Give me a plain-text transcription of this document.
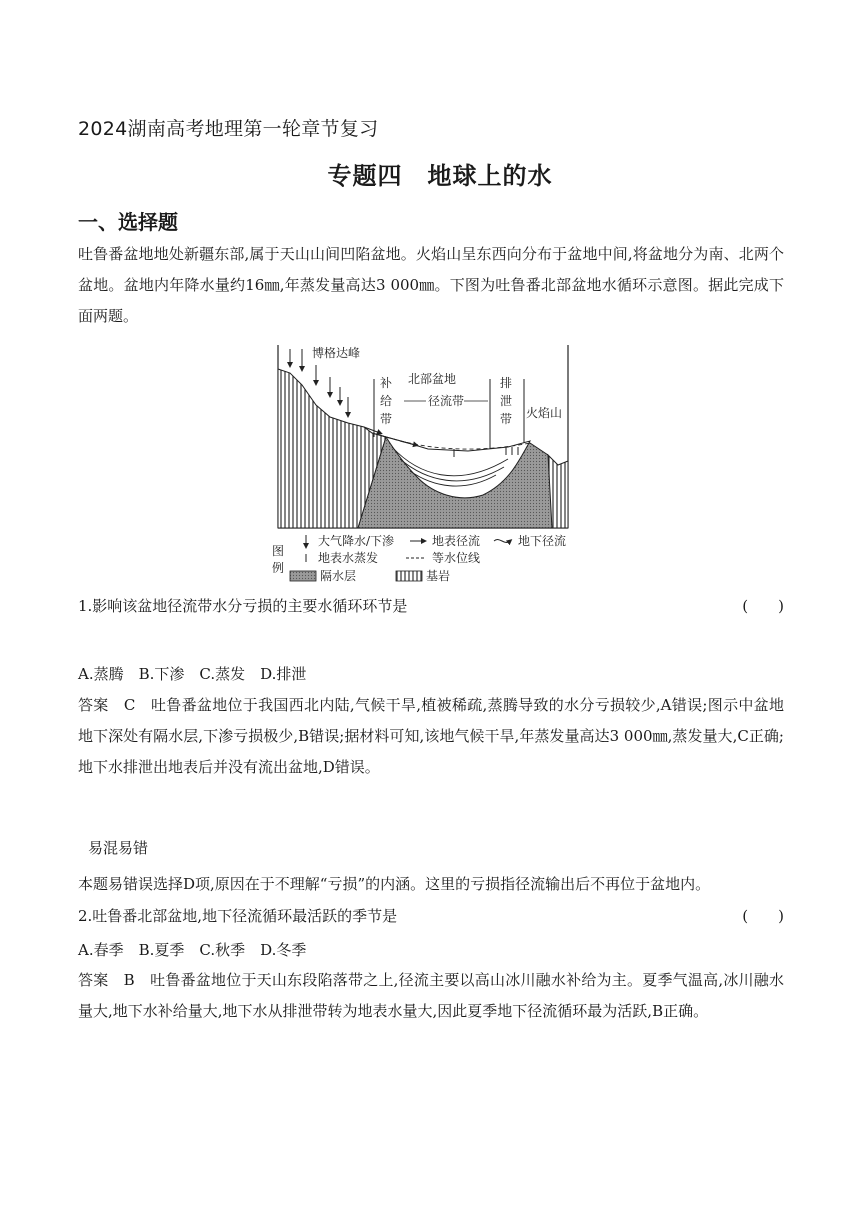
2024湖南高考地理第一轮章节复习
专题四　地球上的水
一、选择题
吐鲁番盆地地处新疆东部,属于天山山间凹陷盆地。火焰山呈东西向分布于盆地中间,将盆地分为南、北两个盆地。盆地内年降水量约16㎜,年蒸发量高达3 000㎜。下图为吐鲁番北部盆地水循环示意图。据此完成下面两题。
博格达峰
北部盆地
补
给
带
径流带
排
泄
带 火焰山
图
例
大气降水/下渗	地表径流	地下径流
地表水蒸发	等水位线
隔水层	基岩
1.影响该盆地径流带水分亏损的主要水循环环节是	(　　)
A.蒸腾　B.下渗　C.蒸发　D.排泄
答案　C　吐鲁番盆地位于我国西北内陆,气候干旱,植被稀疏,蒸腾导致的水分亏损较少,A错误;图示中盆地地下深处有隔水层,下渗亏损极少,B错误;据材料可知,该地气候干旱,年蒸发量高达3 000㎜,蒸发量大,C正确;地下水排泄出地表后并没有流出盆地,D错误。
易混易错
本题易错误选择D项,原因在于不理解“亏损”的内涵。这里的亏损指径流输出后不再位于盆地内。
2.吐鲁番北部盆地,地下径流循环最活跃的季节是	(　　)
A.春季　B.夏季　C.秋季　D.冬季
答案　B　吐鲁番盆地位于天山东段陷落带之上,径流主要以高山冰川融水补给为主。夏季气温高,冰川融水量大,地下水补给量大,地下水从排泄带转为地表水量大,因此夏季地下径流循环最为活跃,B正确。
